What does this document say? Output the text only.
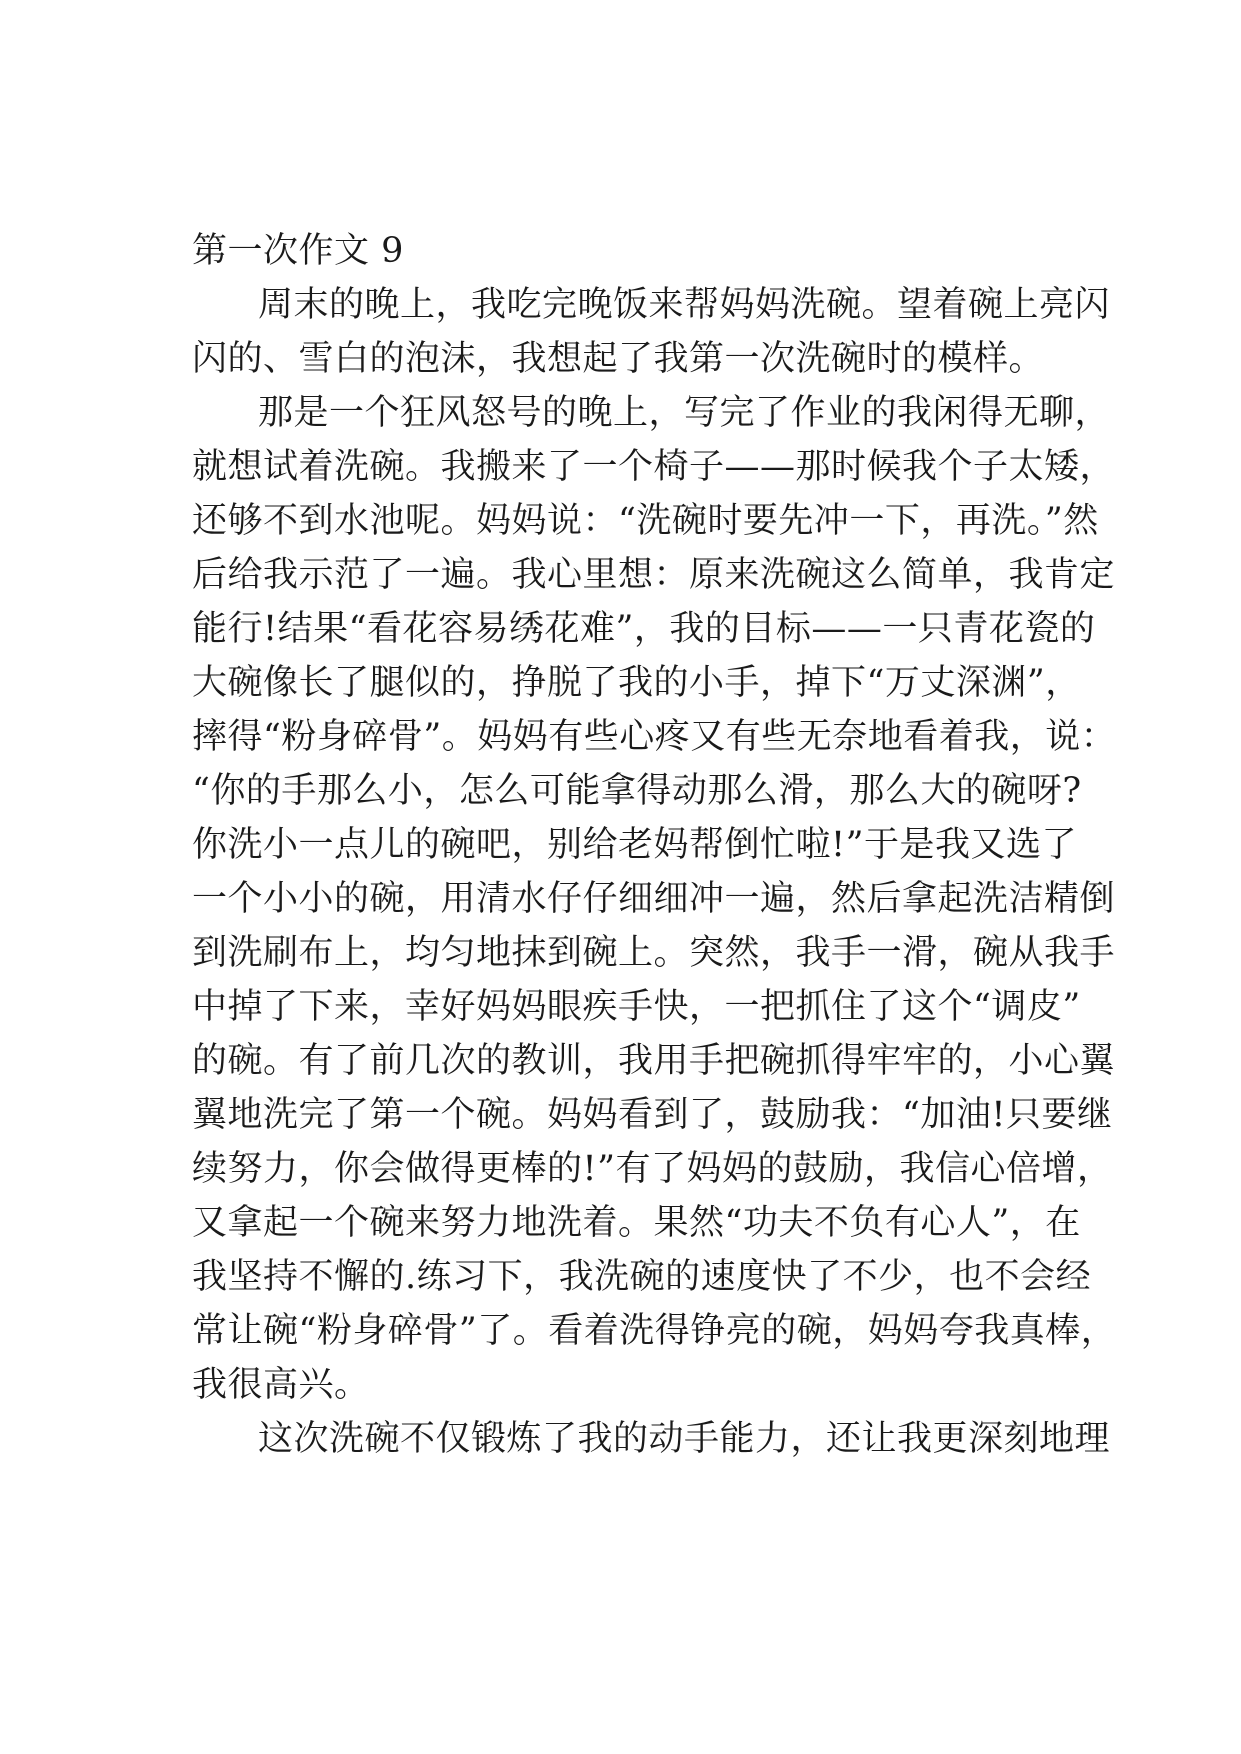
第一次作文 9
周末的晚上，我吃完晚饭来帮妈妈洗碗。望着碗上亮闪
闪的、雪白的泡沫，我想起了我第一次洗碗时的模样。
那是一个狂风怒号的晚上，写完了作业的我闲得无聊，
就想试着洗碗。我搬来了一个椅子——那时候我个子太矮，
还够不到水池呢。妈妈说：“洗碗时要先冲一下，再洗。”然
后给我示范了一遍。我心里想：原来洗碗这么简单，我肯定
能行!结果“看花容易绣花难”，我的目标——一只青花瓷的
大碗像长了腿似的，挣脱了我的小手，掉下“万丈深渊”，
摔得“粉身碎骨”。妈妈有些心疼又有些无奈地看着我，说：
“你的手那么小，怎么可能拿得动那么滑，那么大的碗呀?
你洗小一点儿的碗吧，别给老妈帮倒忙啦!”于是我又选了
一个小小的碗，用清水仔仔细细冲一遍，然后拿起洗洁精倒
到洗刷布上，均匀地抹到碗上。突然，我手一滑，碗从我手
中掉了下来，幸好妈妈眼疾手快，一把抓住了这个“调皮”
的碗。有了前几次的教训，我用手把碗抓得牢牢的，小心翼
翼地洗完了第一个碗。妈妈看到了，鼓励我：“加油!只要继
续努力，你会做得更棒的!”有了妈妈的鼓励，我信心倍增，
又拿起一个碗来努力地洗着。果然“功夫不负有心人”，在
我坚持不懈的.练习下，我洗碗的速度快了不少，也不会经
常让碗“粉身碎骨”了。看着洗得铮亮的碗，妈妈夸我真棒，
我很高兴。
这次洗碗不仅锻炼了我的动手能力，还让我更深刻地理
